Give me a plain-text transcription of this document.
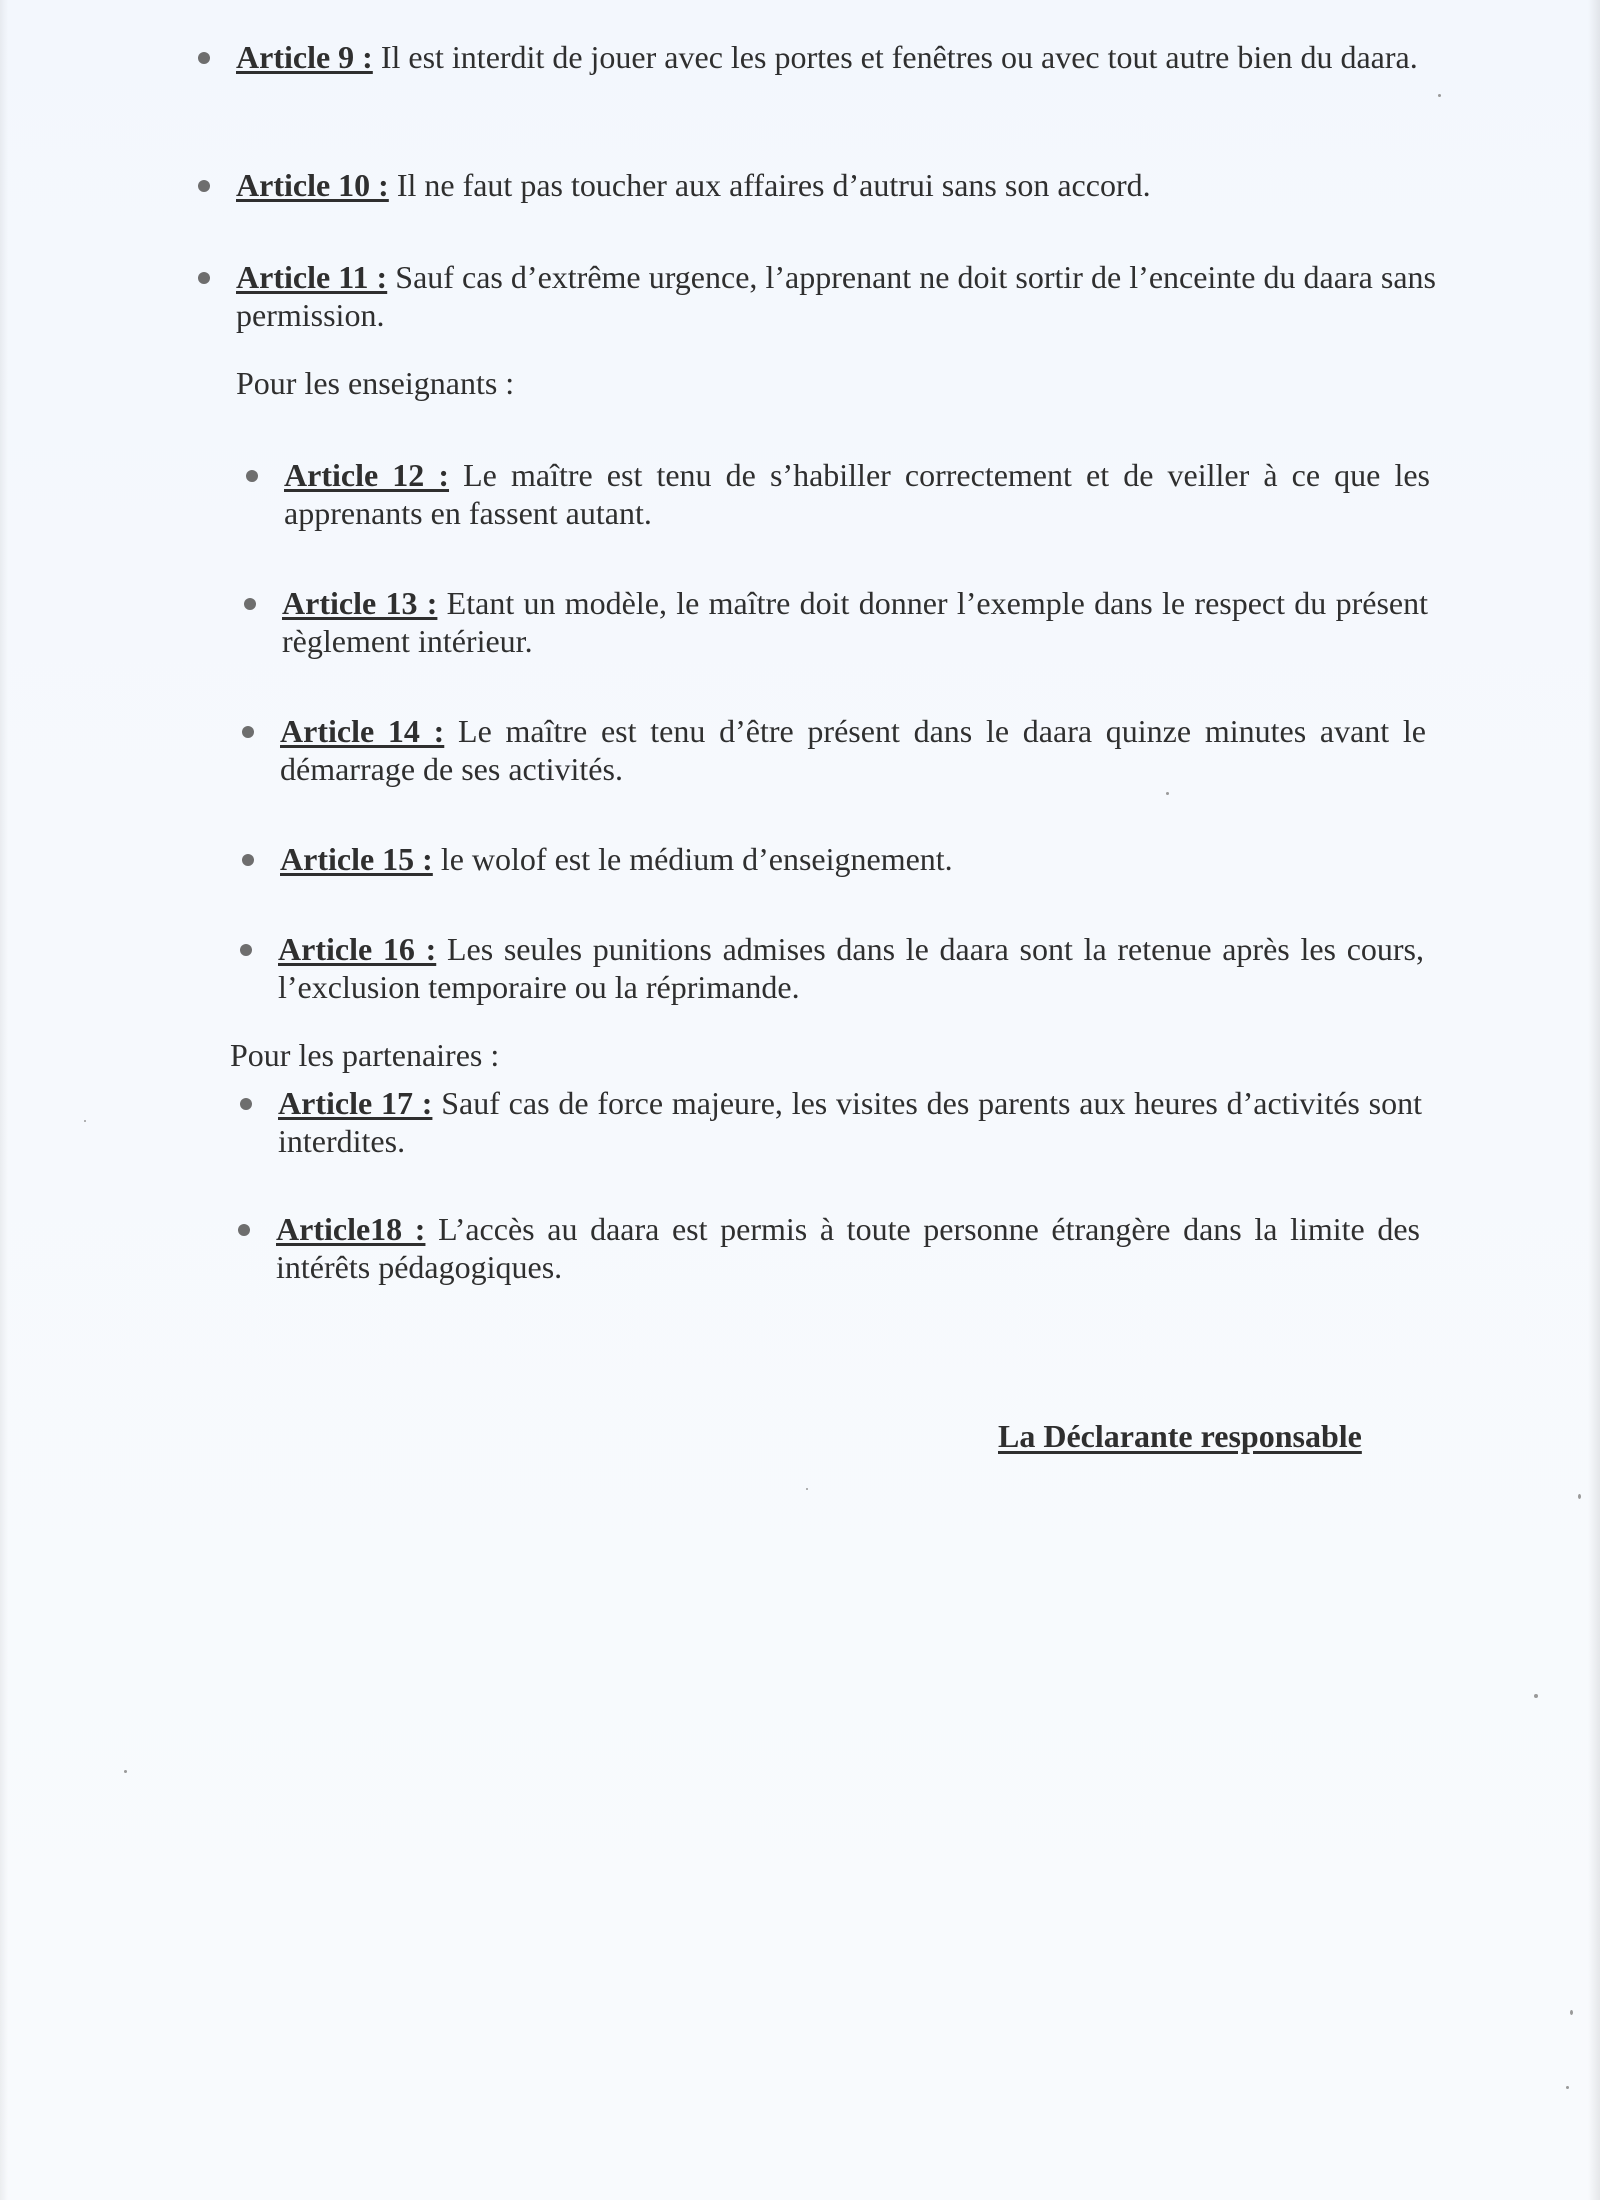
Article 9 : Il est interdit de jouer avec les portes et fenêtres ou avec tout autre bien du daara.
Article 10 : Il ne faut pas toucher aux affaires d’autrui sans son accord.
Article 11 : Sauf cas d’extrême urgence, l’apprenant ne doit sortir de l’enceinte du daara sans permission.
Pour les enseignants :
Article 12 : Le maître est tenu de s’habiller correctement et de veiller à ce que les apprenants en fassent autant.
Article 13 : Etant un modèle, le maître doit donner l’exemple dans le respect du présent règlement intérieur.
Article 14 : Le maître est tenu d’être présent dans le daara quinze minutes avant le démarrage de ses activités.
Article 15 : le wolof est le médium d’enseignement.
Article 16 : Les seules punitions admises dans le daara sont la retenue après les cours, l’exclusion temporaire ou la réprimande.
Pour les partenaires :
Article 17 : Sauf cas de force majeure, les visites des parents aux heures d’activités sont interdites.
Article18 : L’accès au daara est permis à toute personne étrangère dans la limite des intérêts pédagogiques.
La Déclarante responsable
